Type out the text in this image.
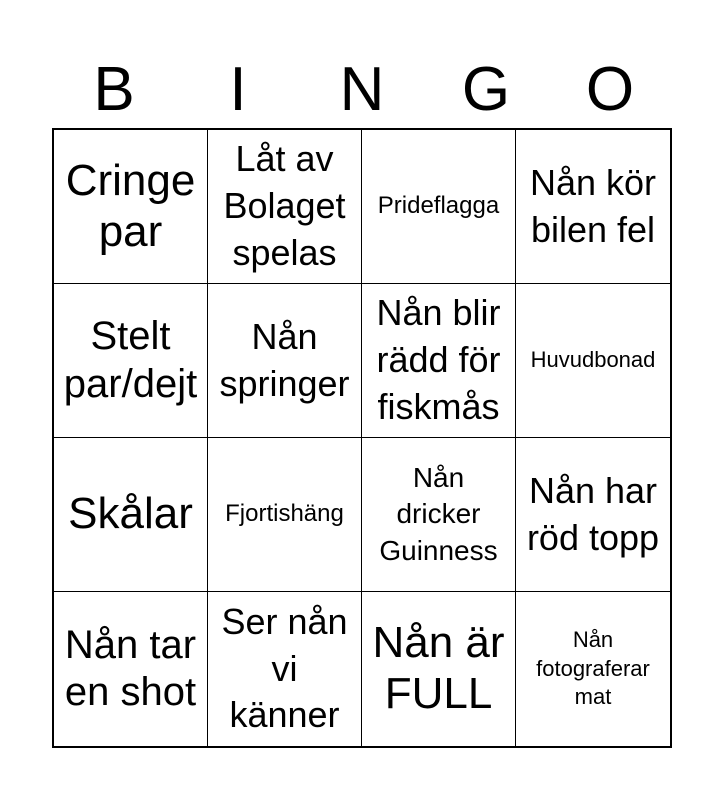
B	I	N	G	O
Cringe par
Låt av Bolaget spelas
Prideflagga
Nån kör bilen fel
Stelt par/dejt
Nån springer
Nån blir rädd för fiskmås
Huvudbonad
Skålar Fjortishäng
Nån dricker Guinness
Nån har röd topp
Nån tar en shot
Ser nån vi känner
Nån är FULL
Nån fotograferar mat
